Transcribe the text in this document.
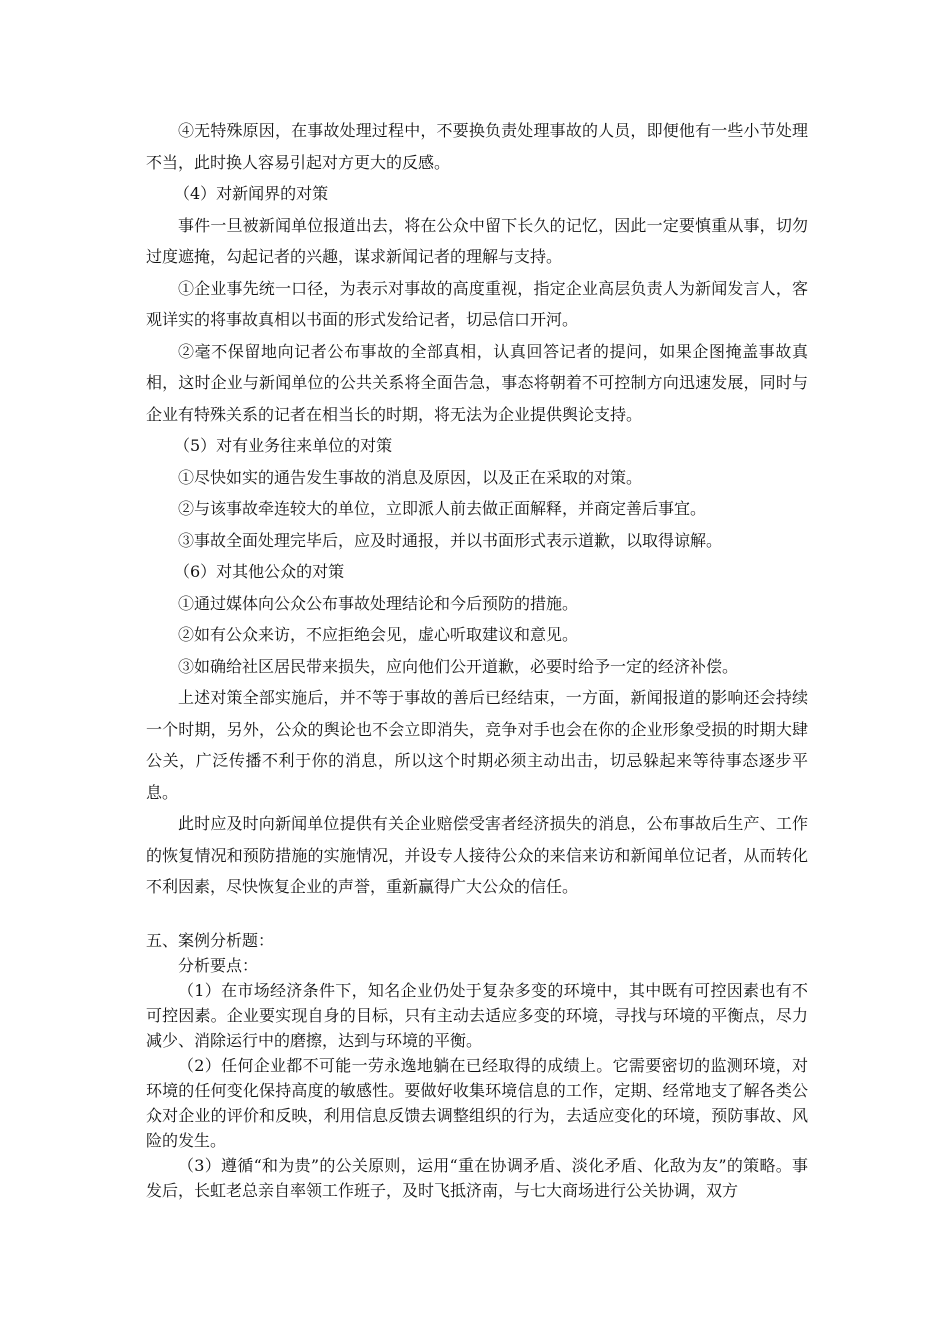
④无特殊原因，在事故处理过程中，不要换负责处理事故的人员，即便他有一些小节处理不当，此时换人容易引起对方更大的反感。

（4）对新闻界的对策

事件一旦被新闻单位报道出去，将在公众中留下长久的记忆，因此一定要慎重从事，切勿过度遮掩，勾起记者的兴趣，谋求新闻记者的理解与支持。

①企业事先统一口径，为表示对事故的高度重视，指定企业高层负责人为新闻发言人，客观详实的将事故真相以书面的形式发给记者，切忌信口开河。

②毫不保留地向记者公布事故的全部真相，认真回答记者的提问，如果企图掩盖事故真相，这时企业与新闻单位的公共关系将全面告急，事态将朝着不可控制方向迅速发展，同时与企业有特殊关系的记者在相当长的时期，将无法为企业提供舆论支持。

（5）对有业务往来单位的对策

①尽快如实的通告发生事故的消息及原因，以及正在采取的对策。

②与该事故牵连较大的单位，立即派人前去做正面解释，并商定善后事宜。

③事故全面处理完毕后，应及时通报，并以书面形式表示道歉，以取得谅解。

（6）对其他公众的对策

①通过媒体向公众公布事故处理结论和今后预防的措施。

②如有公众来访，不应拒绝会见，虚心听取建议和意见。

③如确给社区居民带来损失，应向他们公开道歉，必要时给予一定的经济补偿。

上述对策全部实施后，并不等于事故的善后已经结束，一方面，新闻报道的影响还会持续一个时期，另外，公众的舆论也不会立即消失，竞争对手也会在你的企业形象受损的时期大肆公关，广泛传播不利于你的消息，所以这个时期必须主动出击，切忌躲起来等待事态逐步平息。

此时应及时向新闻单位提供有关企业赔偿受害者经济损失的消息，公布事故后生产、工作的恢复情况和预防措施的实施情况，并设专人接待公众的来信来访和新闻单位记者，从而转化不利因素，尽快恢复企业的声誉，重新赢得广大公众的信任。

五、案例分析题：

分析要点：

（1）在市场经济条件下，知名企业仍处于复杂多变的环境中，其中既有可控因素也有不可控因素。企业要实现自身的目标，只有主动去适应多变的环境，寻找与环境的平衡点，尽力减少、消除运行中的磨擦，达到与环境的平衡。

（2）任何企业都不可能一劳永逸地躺在已经取得的成绩上。它需要密切的监测环境，对环境的任何变化保持高度的敏感性。要做好收集环境信息的工作，定期、经常地支了解各类公众对企业的评价和反映，利用信息反馈去调整组织的行为，去适应变化的环境，预防事故、风险的发生。

（3）遵循“和为贵”的公关原则，运用“重在协调矛盾、淡化矛盾、化敌为友”的策略。事发后，长虹老总亲自率领工作班子，及时飞抵济南，与七大商场进行公关协调，双方
